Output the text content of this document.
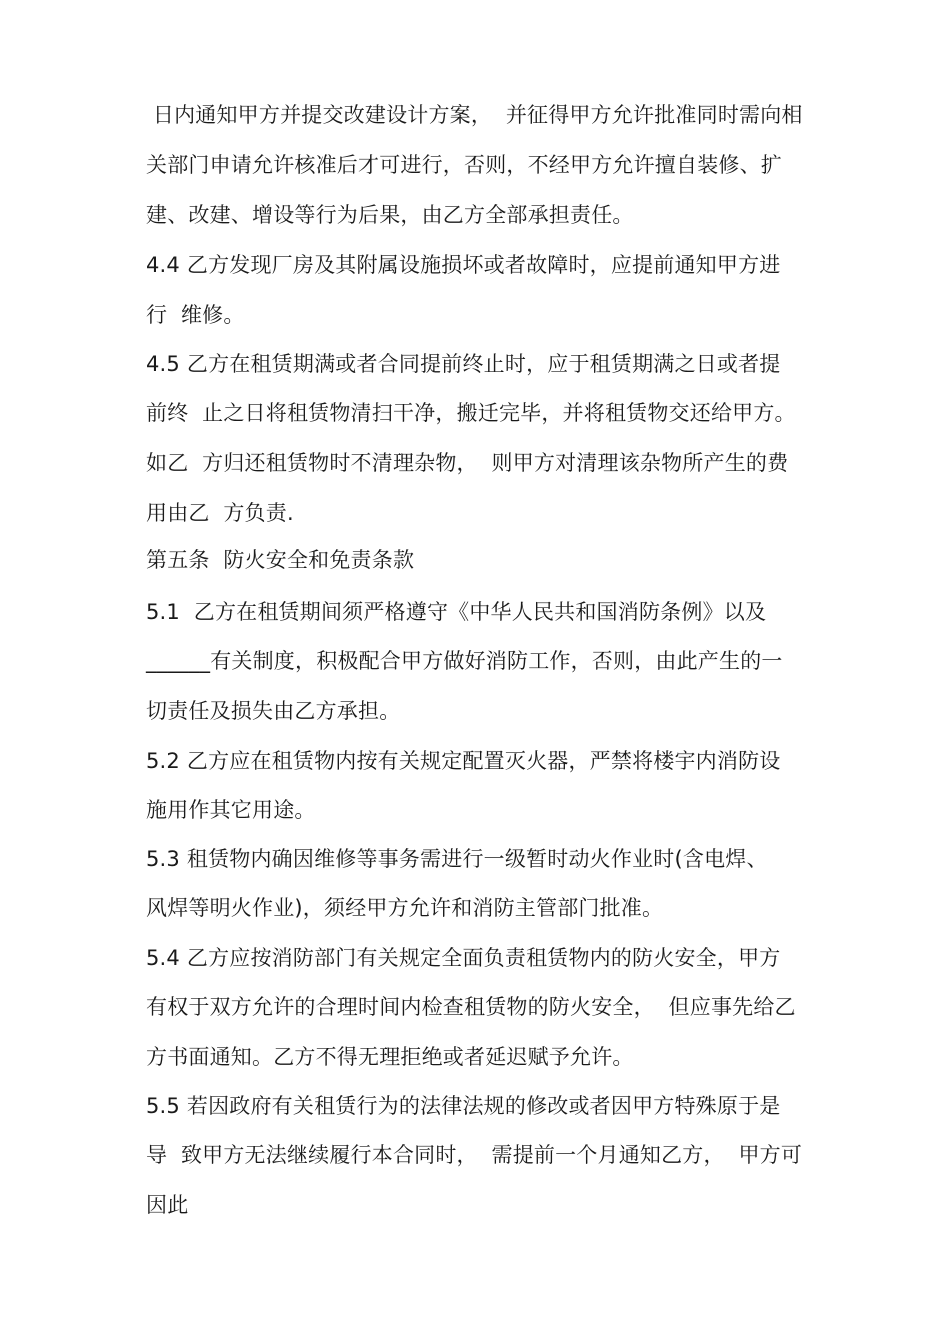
日内通知甲方并提交改建设计方案，  并征得甲方允许批准同时需向相
关部门申请允许核准后才可进行，否则，不经甲方允许擅自装修、扩
建、改建、增设等行为后果，由乙方全部承担责任。
4.4 乙方发现厂房及其附属设施损坏或者故障时，应提前通知甲方进
行  维修。
4.5 乙方在租赁期满或者合同提前终止时，应于租赁期满之日或者提
前终  止之日将租赁物清扫干净，搬迁完毕，并将租赁物交还给甲方。
如乙  方归还租赁物时不清理杂物，  则甲方对清理该杂物所产生的费
用由乙  方负责.
第五条  防火安全和免责条款
5.1  乙方在租赁期间须严格遵守《中华人民共和国消防条例》以及
______有关制度，积极配合甲方做好消防工作，否则，由此产生的一
切责任及损失由乙方承担。
5.2 乙方应在租赁物内按有关规定配置灭火器，严禁将楼宇内消防设
施用作其它用途。
5.3 租赁物内确因维修等事务需进行一级暂时动火作业时(含电焊、
风焊等明火作业)，须经甲方允许和消防主管部门批准。
5.4 乙方应按消防部门有关规定全面负责租赁物内的防火安全，甲方
有权于双方允许的合理时间内检查租赁物的防火安全，  但应事先给乙
方书面通知。乙方不得无理拒绝或者延迟赋予允许。
5.5 若因政府有关租赁行为的法律法规的修改或者因甲方特殊原于是
导  致甲方无法继续履行本合同时，  需提前一个月通知乙方，  甲方可
因此
